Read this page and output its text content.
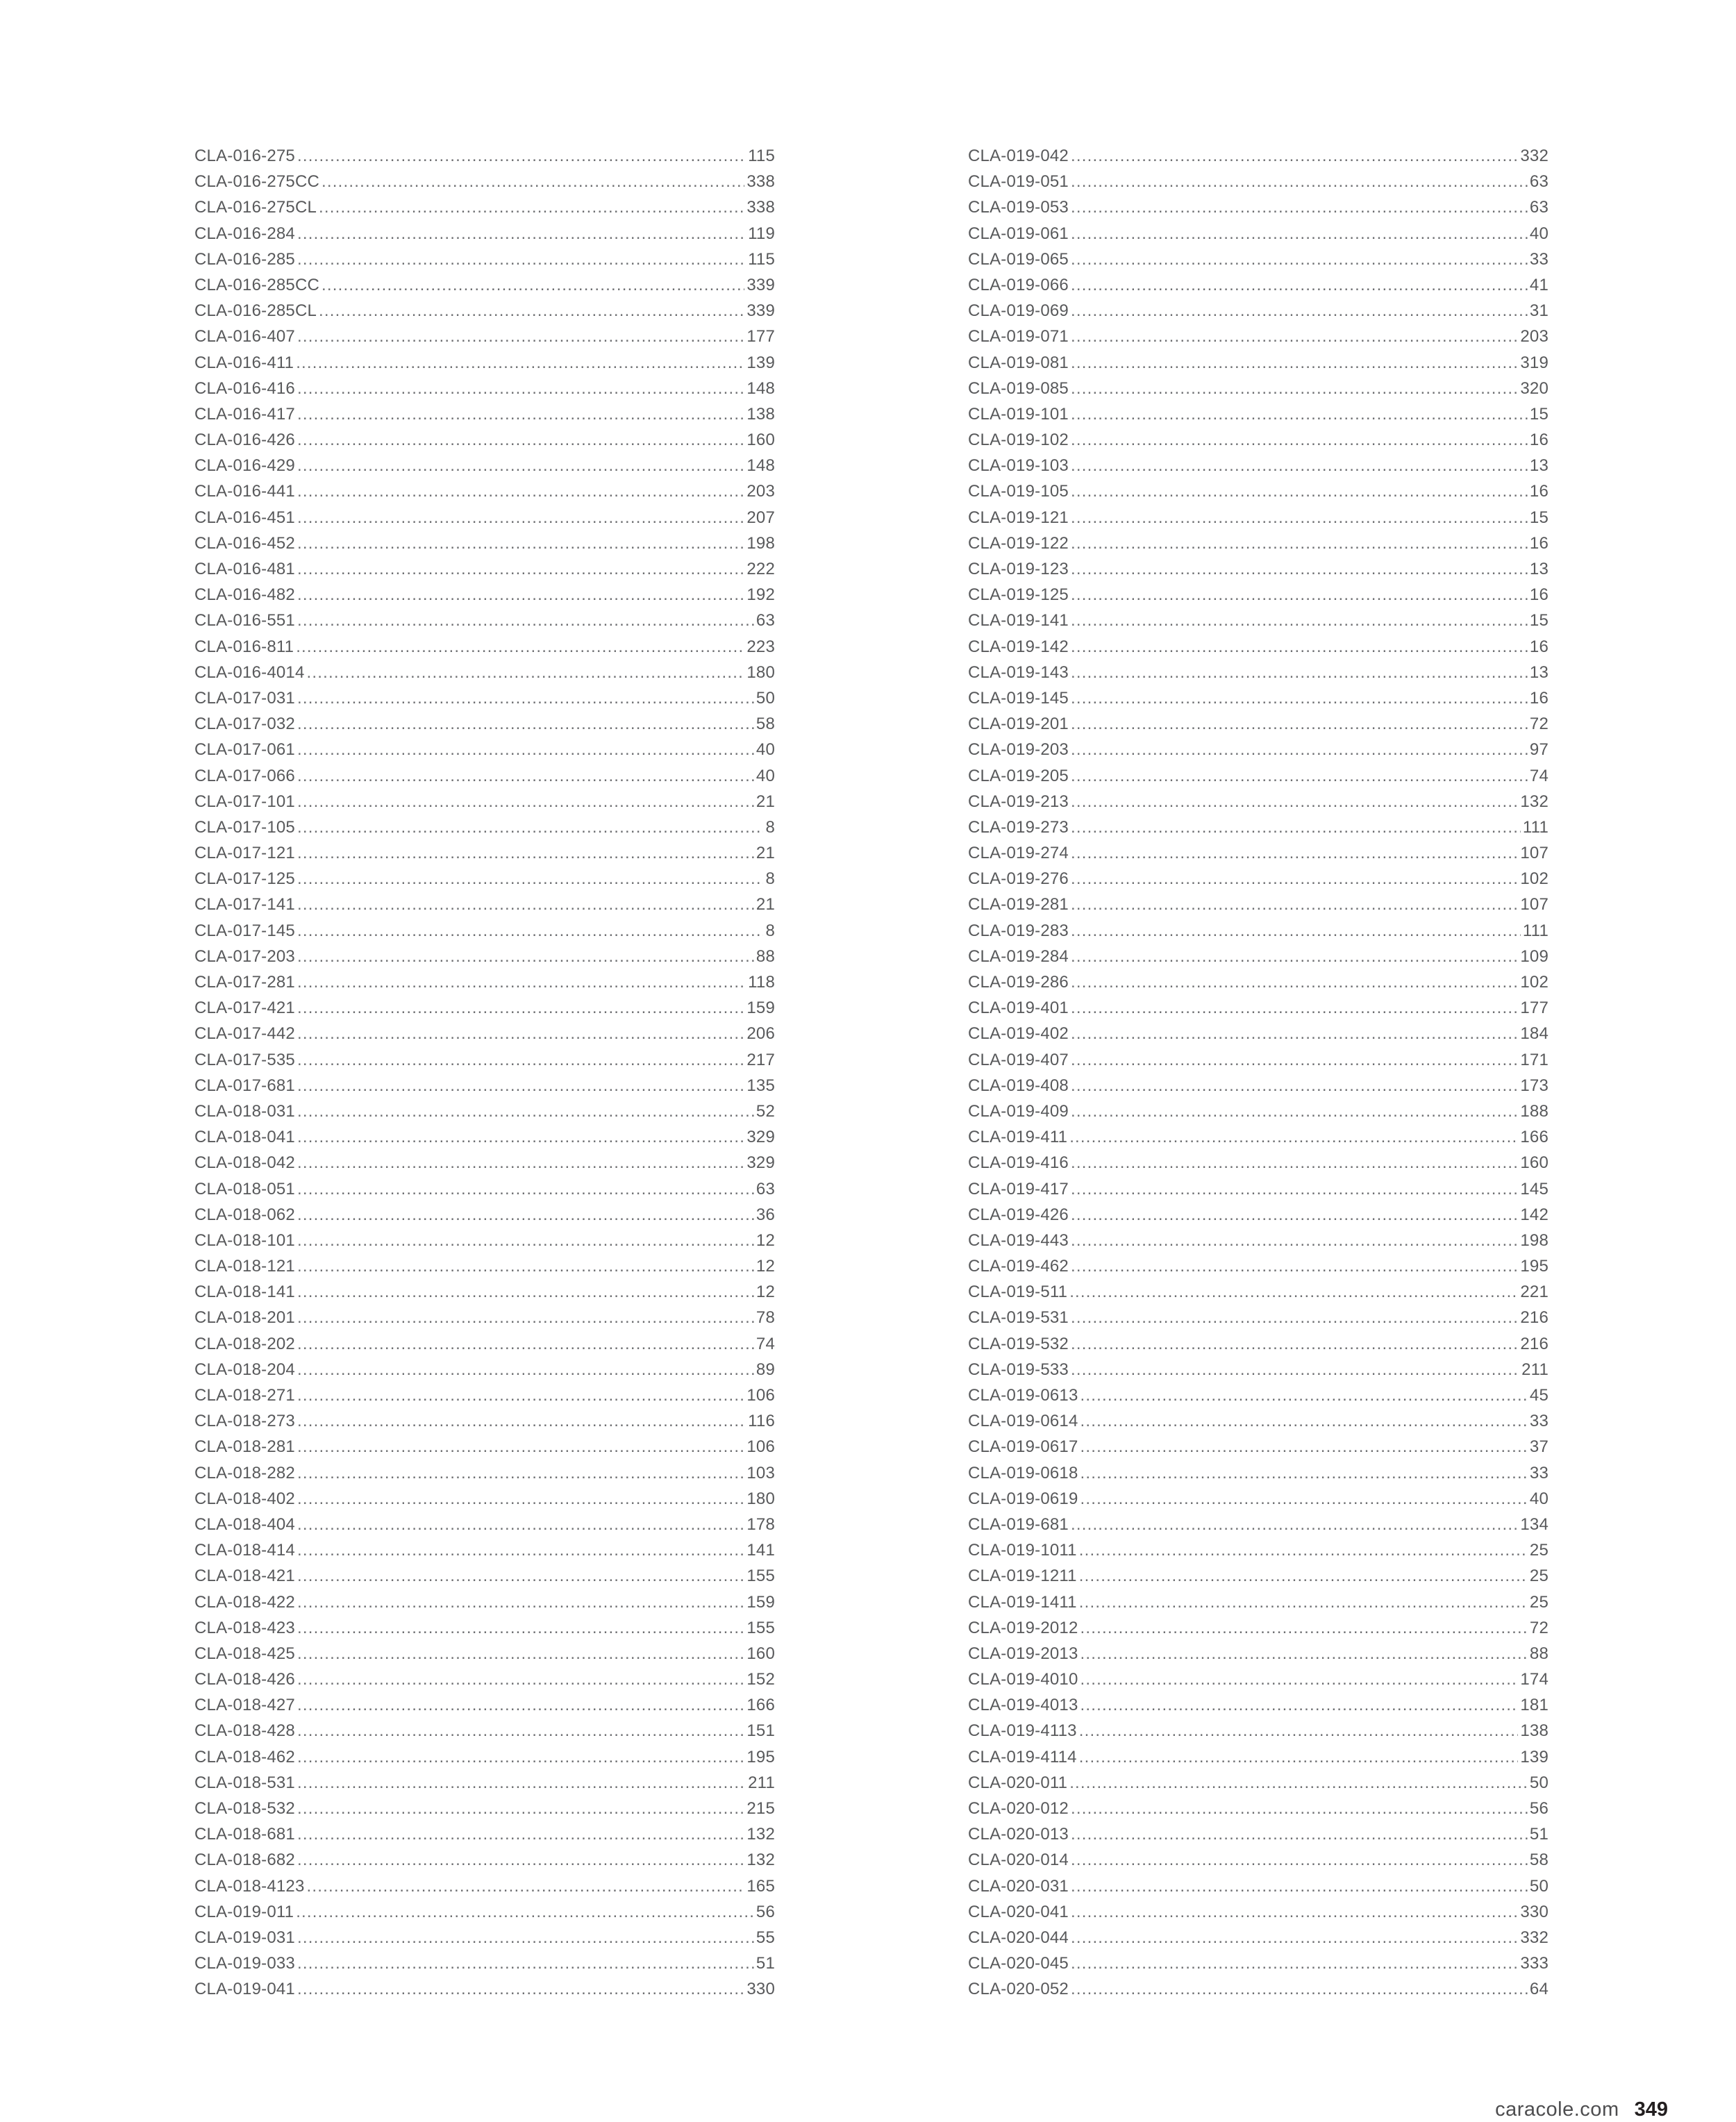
CLA-016-275 .....	115
CLA-016-275CC .....	338
CLA-016-275CL .....	338
CLA-016-284 .....	119
CLA-016-285 .....	115
CLA-016-285CC .....	339
CLA-016-285CL .....	339
CLA-016-407 .....	177
CLA-016-411 .....	139
CLA-016-416 .....	148
CLA-016-417 .....	138
CLA-016-426 .....	160
CLA-016-429 .....	148
CLA-016-441 .....	203
CLA-016-451 .....	207
CLA-016-452 .....	198
CLA-016-481 .....	222
CLA-016-482 .....	192
CLA-016-551 .....	63
CLA-016-811 .....	223
CLA-016-4014 .....	180
CLA-017-031 .....	50
CLA-017-032 .....	58
CLA-017-061 .....	40
CLA-017-066 .....	40
CLA-017-101 .....	21
CLA-017-105 .....	8
CLA-017-121 .....	21
CLA-017-125 .....	8
CLA-017-141 .....	21
CLA-017-145 .....	8
CLA-017-203 .....	88
CLA-017-281 .....	118
CLA-017-421 .....	159
CLA-017-442 .....	206
CLA-017-535 .....	217
CLA-017-681 .....	135
CLA-018-031 .....	52
CLA-018-041 .....	329
CLA-018-042 .....	329
CLA-018-051 .....	63
CLA-018-062 .....	36
CLA-018-101 .....	12
CLA-018-121 .....	12
CLA-018-141 .....	12
CLA-018-201 .....	78
CLA-018-202 .....	74
CLA-018-204 .....	89
CLA-018-271 .....	106
CLA-018-273 .....	116
CLA-018-281 .....	106
CLA-018-282 .....	103
CLA-018-402 .....	180
CLA-018-404 .....	178
CLA-018-414 .....	141
CLA-018-421 .....	155
CLA-018-422 .....	159
CLA-018-423 .....	155
CLA-018-425 .....	160
CLA-018-426 .....	152
CLA-018-427 .....	166
CLA-018-428 .....	151
CLA-018-462 .....	195
CLA-018-531 .....	211
CLA-018-532 .....	215
CLA-018-681 .....	132
CLA-018-682 .....	132
CLA-018-4123 .....	165
CLA-019-011 .....	56
CLA-019-031 .....	55
CLA-019-033 .....	51
CLA-019-041 .....	330
CLA-019-042 .....	332
CLA-019-051 .....	63
CLA-019-053 .....	63
CLA-019-061 .....	40
CLA-019-065 .....	33
CLA-019-066 .....	41
CLA-019-069 .....	31
CLA-019-071 .....	203
CLA-019-081 .....	319
CLA-019-085 .....	320
CLA-019-101 .....	15
CLA-019-102 .....	16
CLA-019-103 .....	13
CLA-019-105 .....	16
CLA-019-121 .....	15
CLA-019-122 .....	16
CLA-019-123 .....	13
CLA-019-125 .....	16
CLA-019-141 .....	15
CLA-019-142 .....	16
CLA-019-143 .....	13
CLA-019-145 .....	16
CLA-019-201 .....	72
CLA-019-203 .....	97
CLA-019-205 .....	74
CLA-019-213 .....	132
CLA-019-273 .....	111
CLA-019-274 .....	107
CLA-019-276 .....	102
CLA-019-281 .....	107
CLA-019-283 .....	111
CLA-019-284 .....	109
CLA-019-286 .....	102
CLA-019-401 .....	177
CLA-019-402 .....	184
CLA-019-407 .....	171
CLA-019-408 .....	173
CLA-019-409 .....	188
CLA-019-411 .....	166
CLA-019-416 .....	160
CLA-019-417 .....	145
CLA-019-426 .....	142
CLA-019-443 .....	198
CLA-019-462 .....	195
CLA-019-511 .....	221
CLA-019-531 .....	216
CLA-019-532 .....	216
CLA-019-533 .....	211
CLA-019-0613 .....	45
CLA-019-0614 .....	33
CLA-019-0617 .....	37
CLA-019-0618 .....	33
CLA-019-0619 .....	40
CLA-019-681 .....	134
CLA-019-1011 .....	25
CLA-019-1211 .....	25
CLA-019-1411 .....	25
CLA-019-2012 .....	72
CLA-019-2013 .....	88
CLA-019-4010 .....	174
CLA-019-4013 .....	181
CLA-019-4113 .....	138
CLA-019-4114 .....	139
CLA-020-011 .....	50
CLA-020-012 .....	56
CLA-020-013 .....	51
CLA-020-014 .....	58
CLA-020-031 .....	50
CLA-020-041 .....	330
CLA-020-044 .....	332
CLA-020-045 .....	333
CLA-020-052 .....	64
caracole.com 349
